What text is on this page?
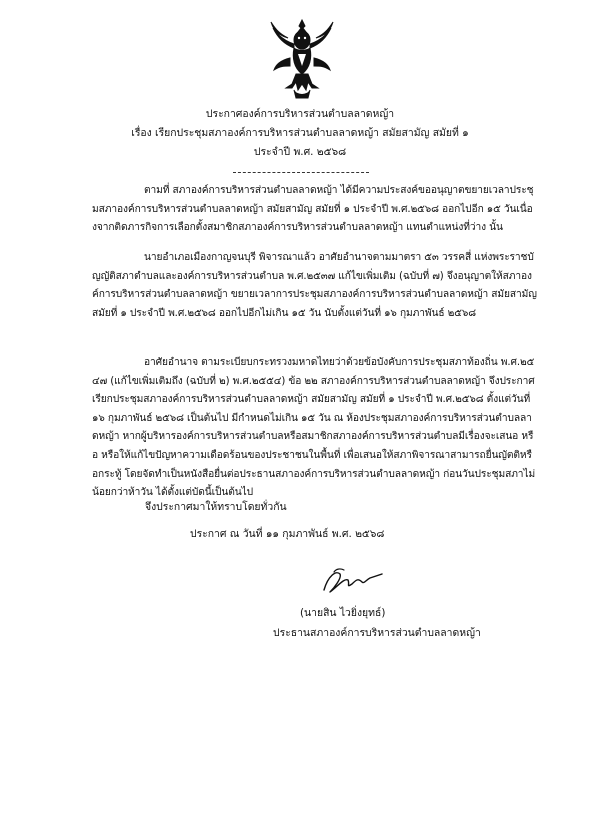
ประกาศองค์การบริหารส่วนตำบลลาดหญ้า

เรื่อง เรียกประชุมสภาองค์การบริหารส่วนตำบลลาดหญ้า สมัยสามัญ สมัยที่ ๑

ประจำปี พ.ศ. ๒๕๖๘

ตามที่ สภาองค์การบริหารส่วนตำบลลาดหญ้า ได้มีความประสงค์ขออนุญาตขยายเวลาประชุมสภาองค์การบริหารส่วนตำบลลาดหญ้า สมัยสามัญ สมัยที่ ๑ ประจำปี พ.ศ.๒๕๖๘ ออกไปอีก ๑๕ วันเนื่องจากติดภารกิจการเลือกตั้งสมาชิกสภาองค์การบริหารส่วนตำบลลาดหญ้า แทนตำแหน่งที่ว่าง นั้น

นายอำเภอเมืองกาญจนบุรี พิจารณาแล้ว อาศัยอำนาจตามมาตรา ๕๓ วรรคสี่ แห่งพระราชบัญญัติสภาตำบลและองค์การบริหารส่วนตำบล พ.ศ.๒๕๓๗ แก้ไขเพิ่มเติม (ฉบับที่ ๗) จึงอนุญาตให้สภาองค์การบริหารส่วนตำบลลาดหญ้า ขยายเวลาการประชุมสภาองค์การบริหารส่วนตำบลลาดหญ้า สมัยสามัญ สมัยที่ ๑ ประจำปี พ.ศ.๒๕๖๘ ออกไปอีกไม่เกิน ๑๕ วัน นับตั้งแต่วันที่ ๑๖ กุมภาพันธ์ ๒๕๖๘

อาศัยอำนาจ ตามระเบียบกระทรวงมหาดไทยว่าด้วยข้อบังคับการประชุมสภาท้องถิ่น พ.ศ.๒๕๔๗ (แก้ไขเพิ่มเติมถึง (ฉบับที่ ๒) พ.ศ.๒๕๕๔) ข้อ ๒๒ สภาองค์การบริหารส่วนตำบลลาดหญ้า จึงประกาศเรียกประชุมสภาองค์การบริหารส่วนตำบลลาดหญ้า สมัยสามัญ สมัยที่ ๑ ประจำปี พ.ศ.๒๕๖๘ ตั้งแต่วันที่ ๑๖ กุมภาพันธ์ ๒๕๖๘ เป็นต้นไป มีกำหนดไม่เกิน ๑๕ วัน ณ ห้องประชุมสภาองค์การบริหารส่วนตำบลลาดหญ้า หากผู้บริหารองค์การบริหารส่วนตำบลหรือสมาชิกสภาองค์การบริหารส่วนตำบลมีเรื่องจะเสนอ หรือ หรือให้แก้ไขปัญหาความเดือดร้อนของประชาชนในพื้นที่ เพื่อเสนอให้สภาพิจารณาสามารถยื่นญัตติหรือกระทู้ โดยจัดทำเป็นหนังสือยื่นต่อประธานสภาองค์การบริหารส่วนตำบลลาดหญ้า ก่อนวันประชุมสภาไม่น้อยกว่าห้าวัน ได้ตั้งแต่บัดนี้เป็นต้นไป

จึงประกาศมาให้ทราบโดยทั่วกัน

ประกาศ ณ วันที่ ๑๑ กุมภาพันธ์ พ.ศ. ๒๕๖๘

(นายสิน ไวยิ่งยุทธ์)

ประธานสภาองค์การบริหารส่วนตำบลลาดหญ้า
